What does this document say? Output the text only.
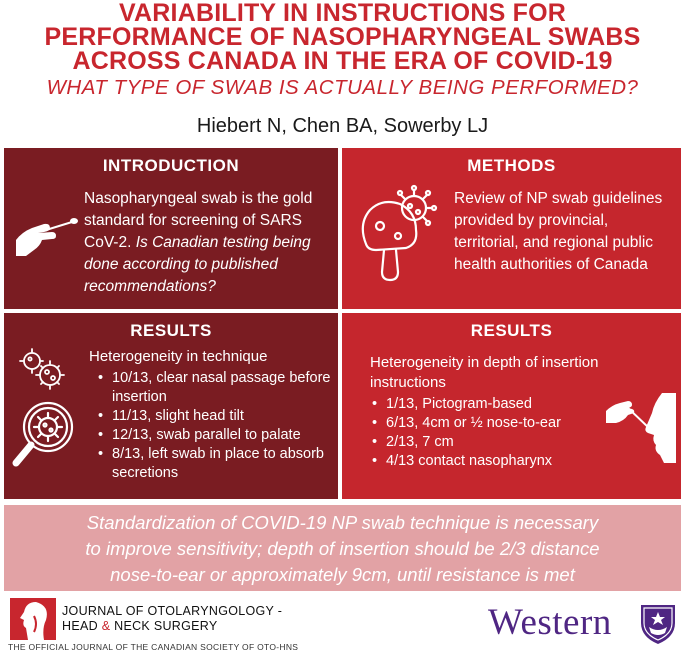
VARIABILITY IN INSTRUCTIONS FOR
PERFORMANCE OF NASOPHARYNGEAL SWABS
ACROSS CANADA IN THE ERA OF COVID-19
WHAT TYPE OF SWAB IS ACTUALLY BEING PERFORMED?
Hiebert N, Chen BA, Sowerby LJ
INTRODUCTION
Nasopharyngeal swab is the gold standard for screening of SARS CoV-2. Is Canadian testing being done according to published recommendations?
METHODS
Review of NP swab guidelines provided by provincial, territorial, and regional public health authorities of Canada
RESULTS
Heterogeneity in technique
• 10/13, clear nasal passage before insertion
• 11/13, slight head tilt
• 12/13, swab parallel to palate
• 8/13, left swab in place to absorb secretions
RESULTS
Heterogeneity in depth of insertion instructions
• 1/13, Pictogram-based
• 6/13, 4cm or ½ nose-to-ear
• 2/13, 7 cm
• 4/13 contact nasopharynx
Standardization of COVID-19 NP swab technique is necessary
to improve sensitivity; depth of insertion should be 2/3 distance
nose-to-ear or approximately 9cm, until resistance is met
JOURNAL OF OTOLARYNGOLOGY -
HEAD & NECK SURGERY
THE OFFICIAL JOURNAL OF THE CANADIAN SOCIETY OF OTO-HNS
Western
